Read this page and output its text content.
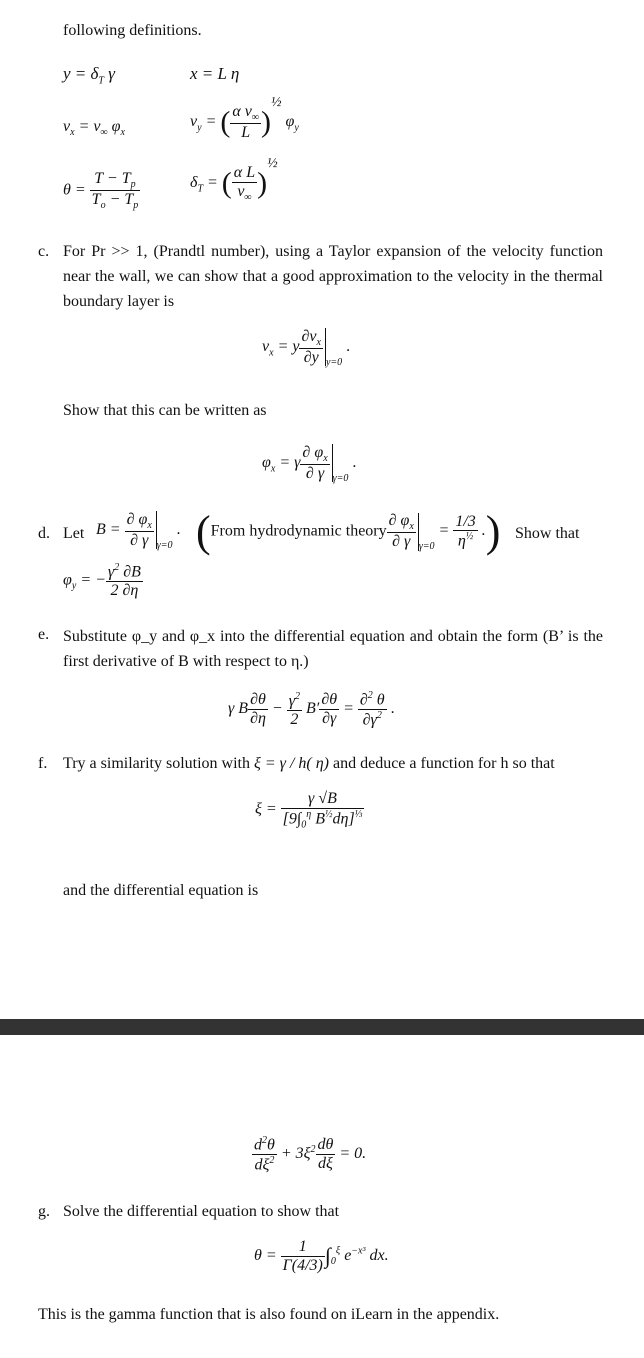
following definitions.
$y = \delta_T$ γ	x = L η
$v_x = v_\infty$ $\varphi_x$
$v_y$ = ( $\frac{\alpha v_\infty}{L}$ )½ $\varphi_y$
$\theta = \frac{T - T_p}{T_o - T_p}$	$\delta_T$ = ( $\frac{\text{α L}}{v_\infty}$ )½
c. For Pr >> 1, (Prandtl number), using a Taylor expansion of the velocity function near the wall, we can show that a good approximation to the velocity in the thermal boundary layer is
$v_x = y \frac{\partial v_x}{\partial y} _{y=0}$ .
Show that this can be written as
$\varphi_x = \gamma \frac{\partial \varphi_x}{\partial \gamma} _{\gamma=0}$ .
d. Let $B = \frac{\partial \varphi_x}{\partial \gamma} _{\gamma=0}$ . (From hydrodynamic theory $\frac{\partial \varphi_x}{\partial \gamma} _{\gamma=0} = \frac{1/3}{\eta^{\frac{1}{2}}}$ .) Show that
$\varphi_y$ = − $\frac{\gamma^2 \partial B}{2 \partial\eta}$
e. Substitute φ_y and φ_x into the differential equation and obtain the form (B’ is the first derivative of B with respect to η.)
γ B $\frac{\partial\theta}{\partial\eta} - \frac{\gamma^2}{2} B' \frac{\partial\theta}{\partial\gamma} = \frac{\partial^2 \theta}{\partial\gamma^2}$ .
f. Try a similarity solution with ξ = γ / h( η) and deduce a function for h so that
$\xi = \frac{\gamma √B}{[9\int_0^\eta B^{\frac{1}{2}}d\eta]^{\frac{1}{3}}}$
and the differential equation is
$\frac{d^2\theta}{d\xi^2} + 3\xi^2 \frac{d\theta}{d\xi} = 0$.
g. Solve the differential equation to show that
$\theta = \frac{1}{\Gamma(4/3)} \int_0^\xi$ $e^{-x^3}$ dx.
This is the gamma function that is also found on iLearn in the appendix.
